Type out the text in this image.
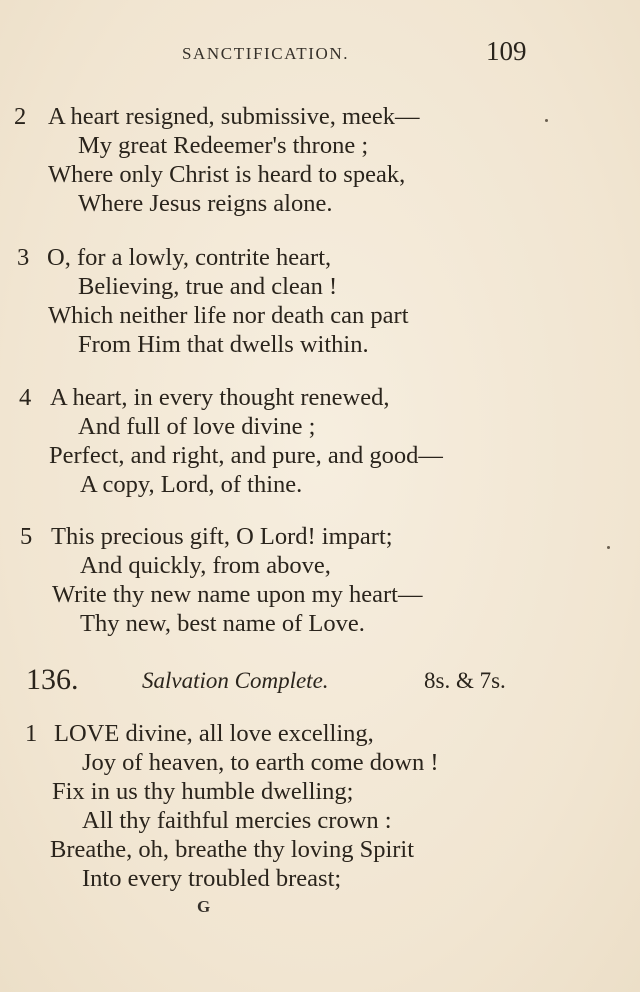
SANCTIFICATION.	109
2 A heart resigned, submissive, meek—
My great Redeemer's throne ;
Where only Christ is heard to speak,
Where Jesus reigns alone.
3 O, for a lowly, contrite heart,
Believing, true and clean !
Which neither life nor death can part
From Him that dwells within.
4 A heart, in every thought renewed,
And full of love divine ;
Perfect, and right, and pure, and good—
A copy, Lord, of thine.
5 This precious gift, O Lord! impart;
And quickly, from above,
Write thy new name upon my heart—
Thy new, best name of Love.
136.	Salvation Complete.	8s. & 7s.
1 LOVE divine, all love excelling,
Joy of heaven, to earth come down !
Fix in us thy humble dwelling;
All thy faithful mercies crown :
Breathe, oh, breathe thy loving Spirit
Into every troubled breast;
G
